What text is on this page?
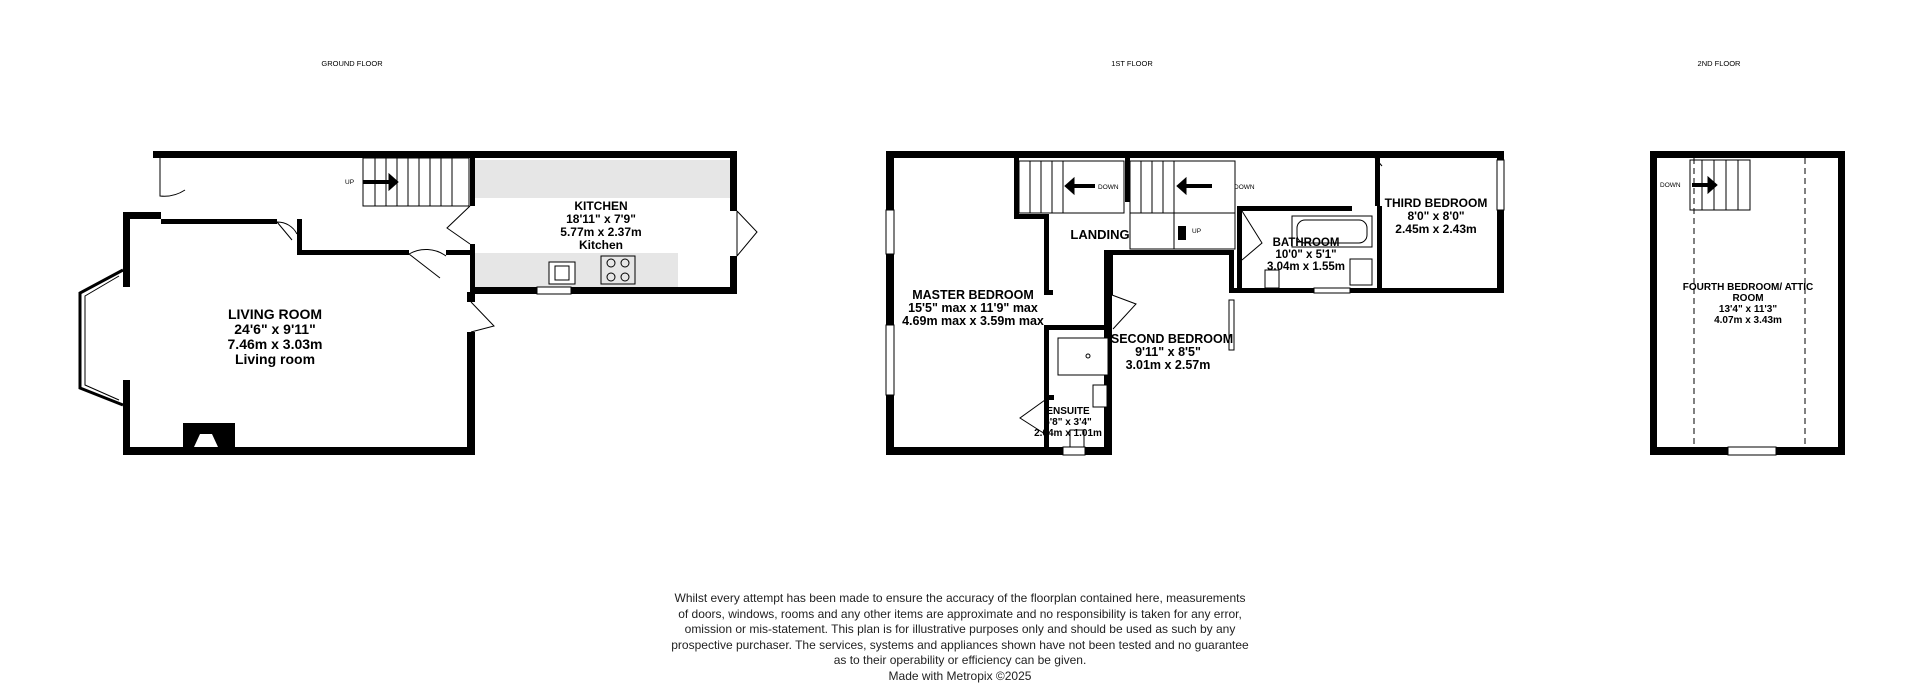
GROUND FLOOR	1ST FLOOR	2ND FLOOR
UP
KITCHEN
18'11" x 7'9"
5.77m x 2.37m
Kitchen
LIVING ROOM
24'6" x 9'11"
7.46m x 3.03m
Living room
DOWN	DOWN
UP
LANDING
MASTER BEDROOM
15'5" max x 11'9" max
4.69m max x 3.59m max
SECOND BEDROOM
9'11" x 8'5"
3.01m x 2.57m
BATHROOM
10'0" x 5'1"
3.04m x 1.55m
THIRD BEDROOM
8'0" x 8'0"
2.45m x 2.43m
ENSUITE
6'8" x 3'4"
2.04m x 1.01m
DOWN
FOURTH BEDROOM/ ATTIC
ROOM
13'4" x 11'3"
4.07m x 3.43m
Whilst every attempt has been made to ensure the accuracy of the floorplan contained here, measurements
of doors, windows, rooms and any other items are approximate and no responsibility is taken for any error,
omission or mis-statement. This plan is for illustrative purposes only and should be used as such by any
prospective purchaser. The services, systems and appliances shown have not been tested and no guarantee
as to their operability or efficiency can be given.
Made with Metropix ©2025
